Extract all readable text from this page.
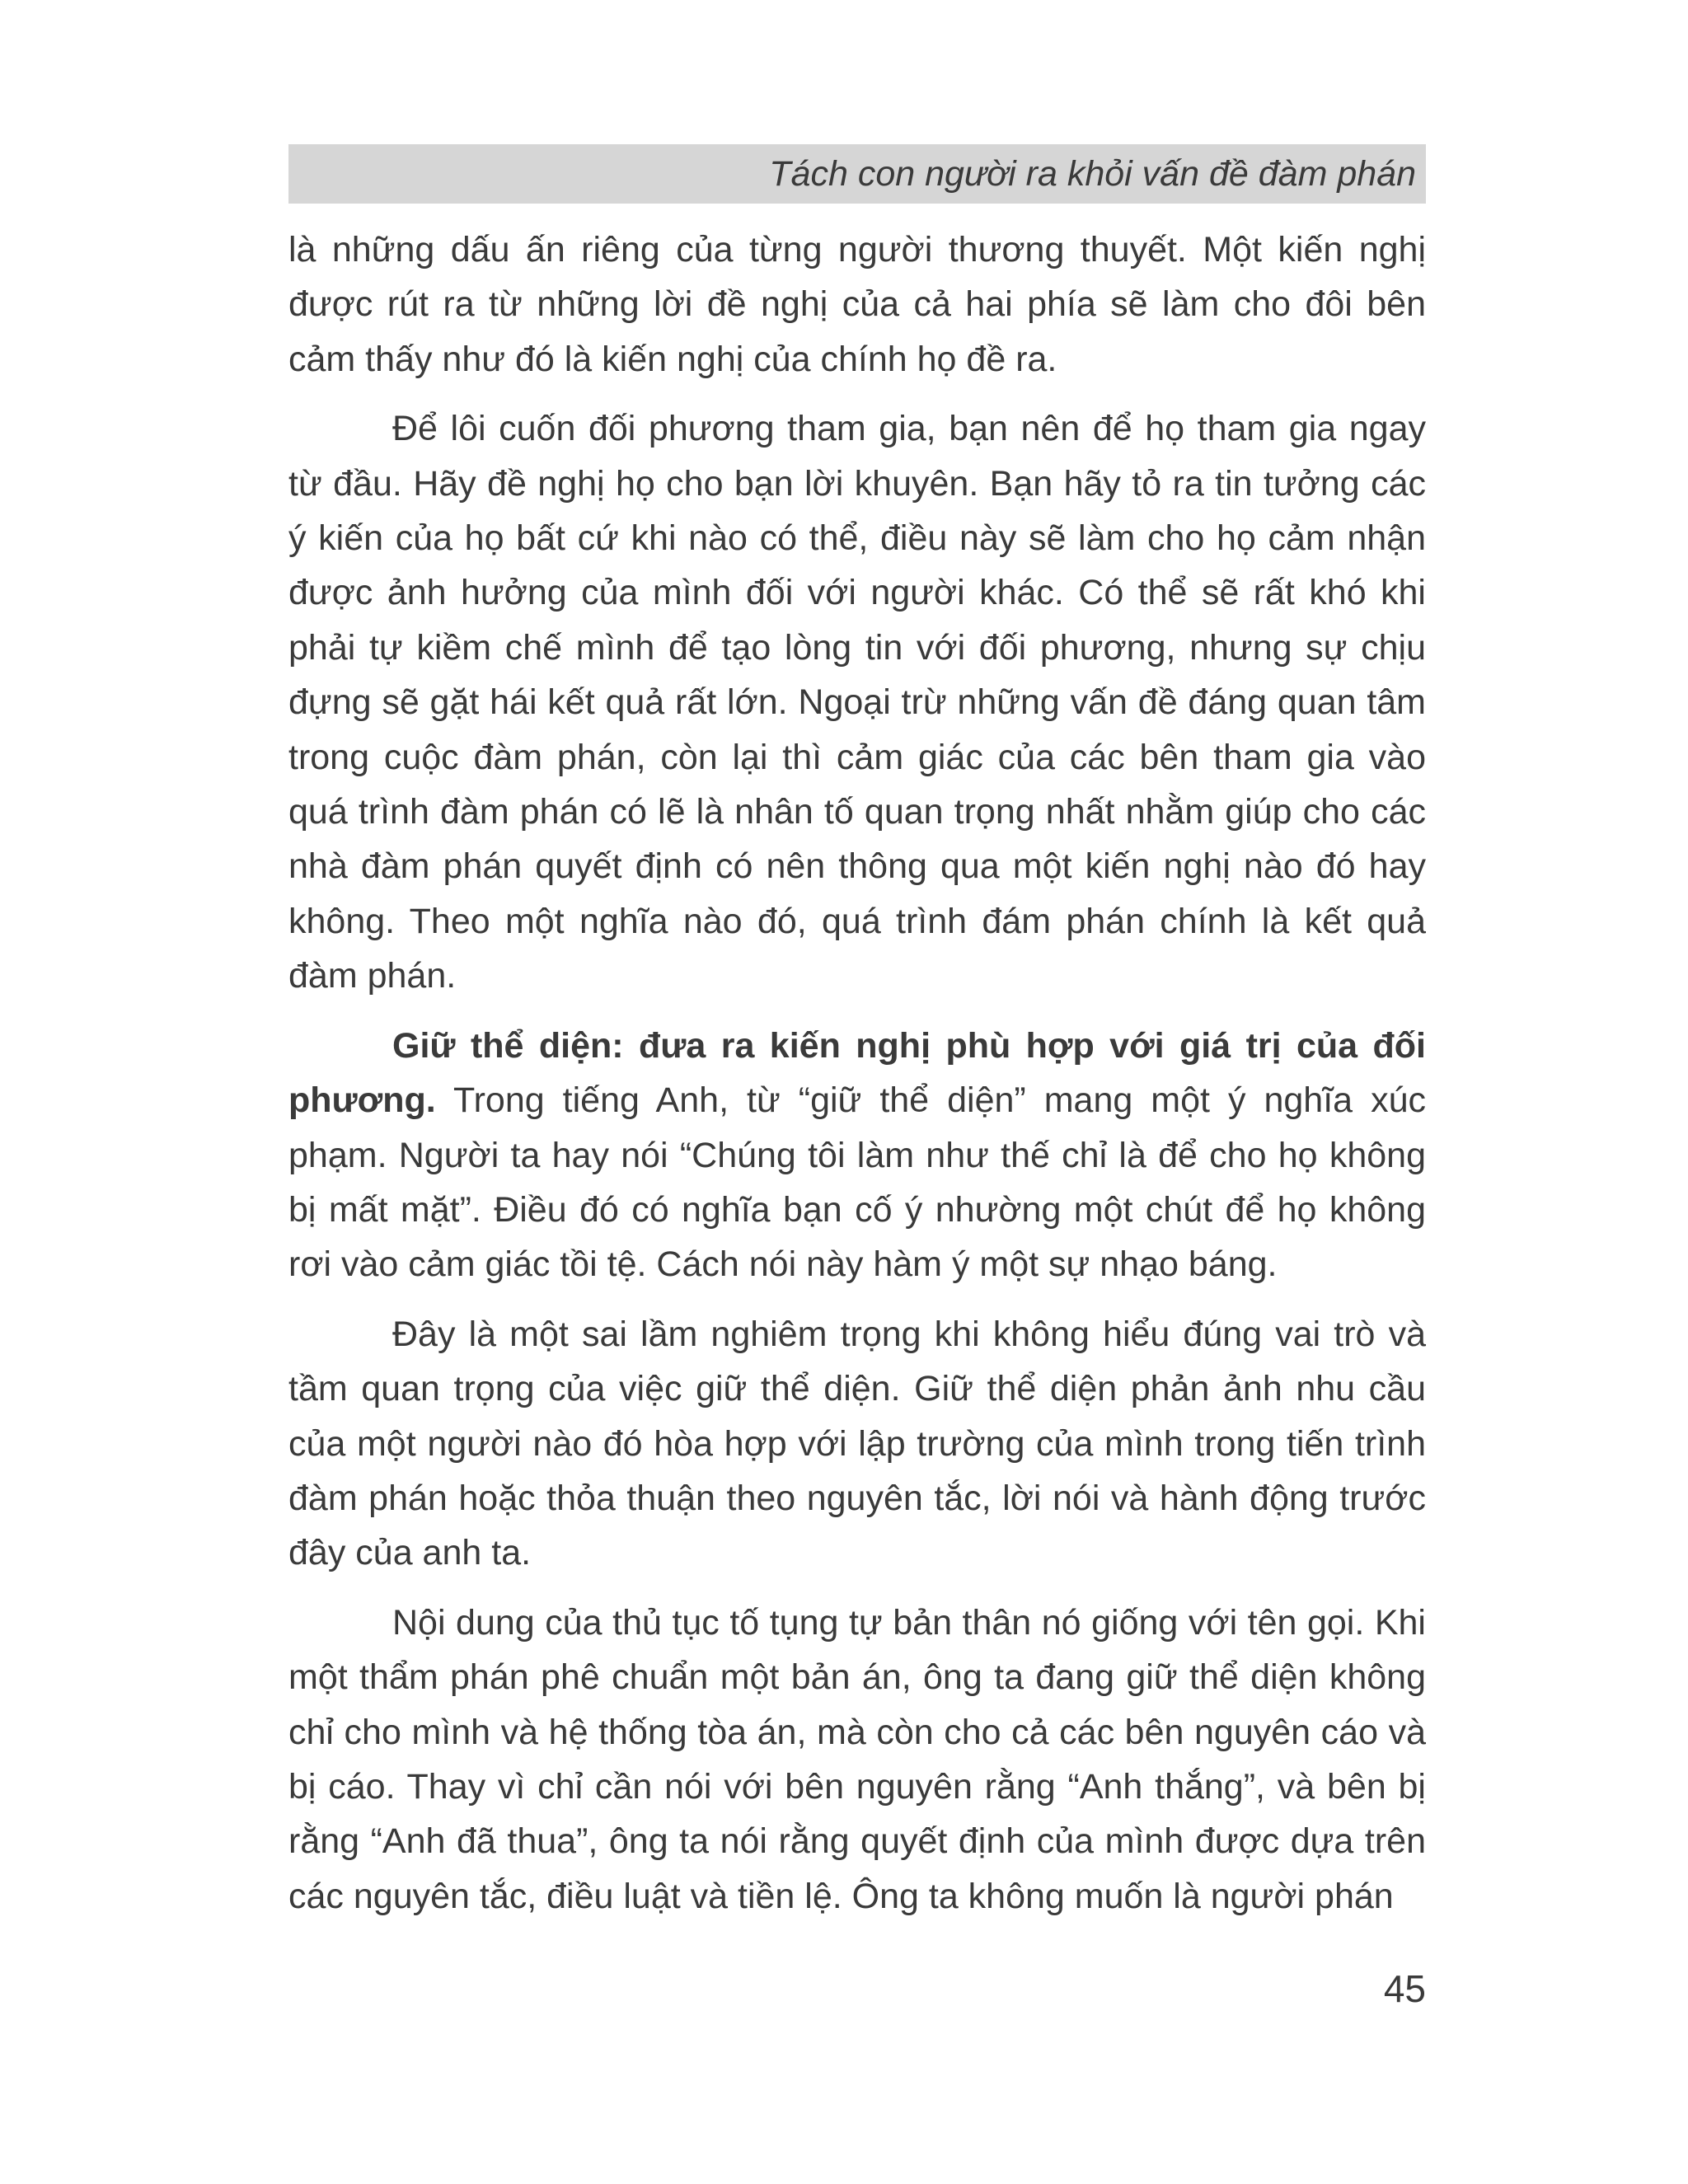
Tách con người ra khỏi vấn đề đàm phán

là những dấu ấn riêng của từng người thương thuyết. Một kiến nghị được rút ra từ những lời đề nghị của cả hai phía sẽ làm cho đôi bên cảm thấy như đó là kiến nghị của chính họ đề ra.

Để lôi cuốn đối phương tham gia, bạn nên để họ tham gia ngay từ đầu. Hãy đề nghị họ cho bạn lời khuyên. Bạn hãy tỏ ra tin tưởng các ý kiến của họ bất cứ khi nào có thể, điều này sẽ làm cho họ cảm nhận được ảnh hưởng của mình đối với người khác. Có thể sẽ rất khó khi phải tự kiềm chế mình để tạo lòng tin với đối phương, nhưng sự chịu đựng sẽ gặt hái kết quả rất lớn. Ngoại trừ những vấn đề đáng quan tâm trong cuộc đàm phán, còn lại thì cảm giác của các bên tham gia vào quá trình đàm phán có lẽ là nhân tố quan trọng nhất nhằm giúp cho các nhà đàm phán quyết định có nên thông qua một kiến nghị nào đó hay không. Theo một nghĩa nào đó, quá trình đám phán chính là kết quả đàm phán.

Giữ thể diện: đưa ra kiến nghị phù hợp với giá trị của đối phương. Trong tiếng Anh, từ “giữ thể diện” mang một ý nghĩa xúc phạm. Người ta hay nói “Chúng tôi làm như thế chỉ là để cho họ không bị mất mặt”. Điều đó có nghĩa bạn cố ý nhường một chút để họ không rơi vào cảm giác tồi tệ. Cách nói này hàm ý một sự nhạo báng.

Đây là một sai lầm nghiêm trọng khi không hiểu đúng vai trò và tầm quan trọng của việc giữ thể diện. Giữ thể diện phản ảnh nhu cầu của một người nào đó hòa hợp với lập trường của mình trong tiến trình đàm phán hoặc thỏa thuận theo nguyên tắc, lời nói và hành động trước đây của anh ta.

Nội dung của thủ tục tố tụng tự bản thân nó giống với tên gọi. Khi một thẩm phán phê chuẩn một bản án, ông ta đang giữ thể diện không chỉ cho mình và hệ thống tòa án, mà còn cho cả các bên nguyên cáo và bị cáo. Thay vì chỉ cần nói với bên nguyên rằng “Anh thắng”, và bên bị rằng “Anh đã thua”, ông ta nói rằng quyết định của mình được dựa trên các nguyên tắc, điều luật và tiền lệ. Ông ta không muốn là người phán

45
